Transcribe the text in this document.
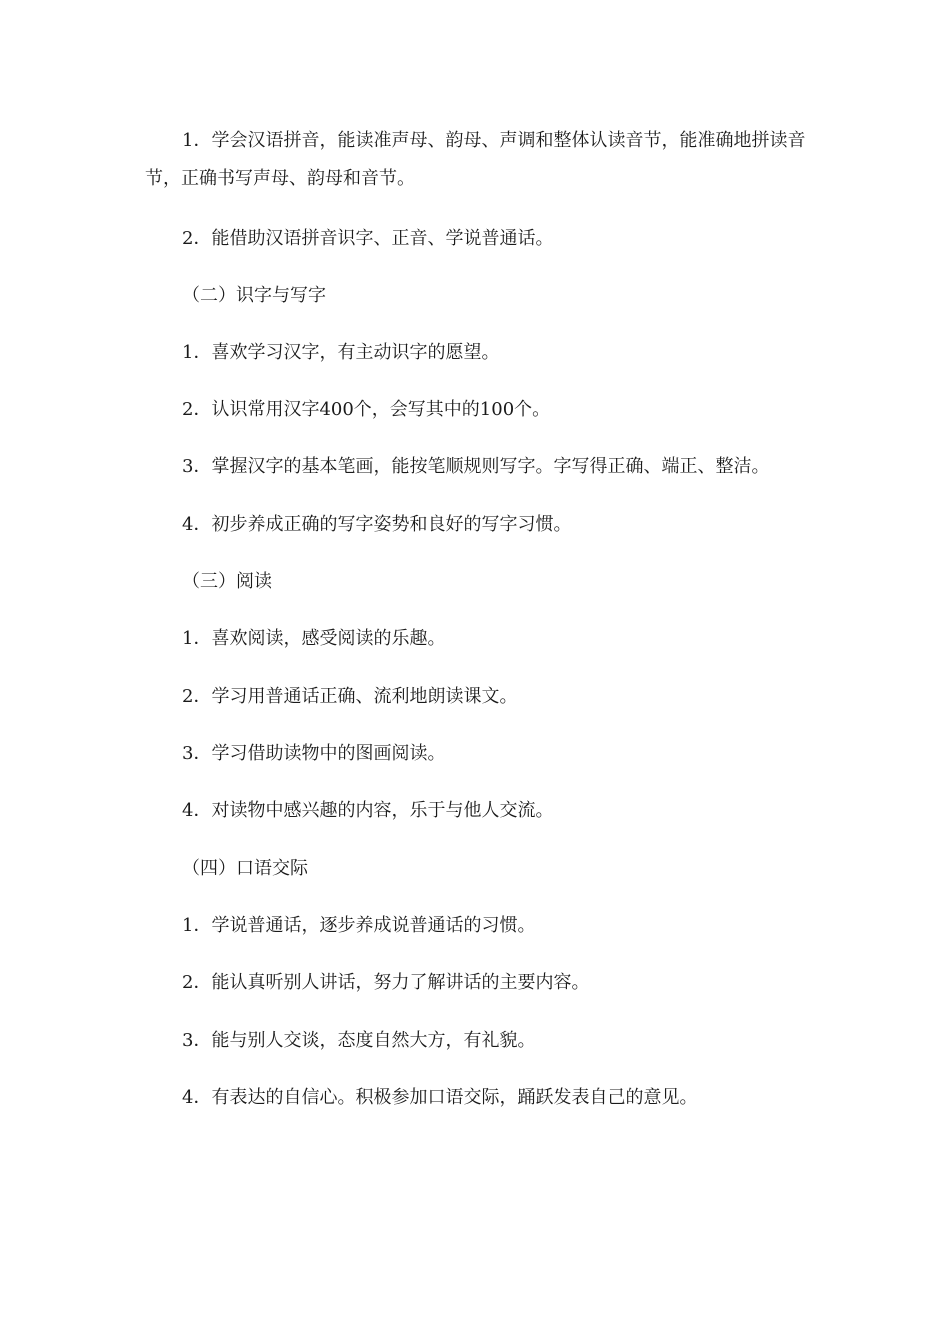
1．学会汉语拼音，能读准声母、韵母、声调和整体认读音节，能准确地拼读音节，正确书写声母、韵母和音节。

2．能借助汉语拼音识字、正音、学说普通话。

（二）识字与写字

1．喜欢学习汉字，有主动识字的愿望。

2．认识常用汉字400个，会写其中的100个。

3．掌握汉字的基本笔画，能按笔顺规则写字。字写得正确、端正、整洁。

4．初步养成正确的写字姿势和良好的写字习惯。

（三）阅读

1．喜欢阅读，感受阅读的乐趣。

2．学习用普通话正确、流利地朗读课文。

3．学习借助读物中的图画阅读。

4．对读物中感兴趣的内容，乐于与他人交流。

（四）口语交际

1．学说普通话，逐步养成说普通话的习惯。

2．能认真听别人讲话，努力了解讲话的主要内容。

3．能与别人交谈，态度自然大方，有礼貌。

4．有表达的自信心。积极参加口语交际，踊跃发表自己的意见。
